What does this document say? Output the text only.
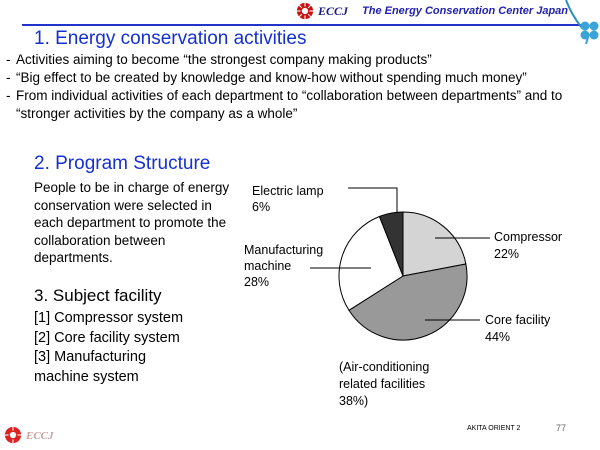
ECCJ The Energy Conservation Center Japan
1. Energy conservation activities
- Activities aiming to become “the strongest company making products”
- “Big effect to be created by knowledge and know-how without spending much money”
- From individual activities of each department to “collaboration between departments” and to “stronger activities by the company as a whole”
2. Program Structure
People to be in charge of energy conservation were selected in each department to promote the collaboration between departments.
3. Subject facility
[1] Compressor system
[2] Core facility system
[3] Manufacturing
machine system
Electric lamp 6%
Manufacturing machine 28%
Compressor 22%
Core facility 44%
(Air-conditioning related facilities 38%)
ECCJ
AKITA ORIENT 2	77
